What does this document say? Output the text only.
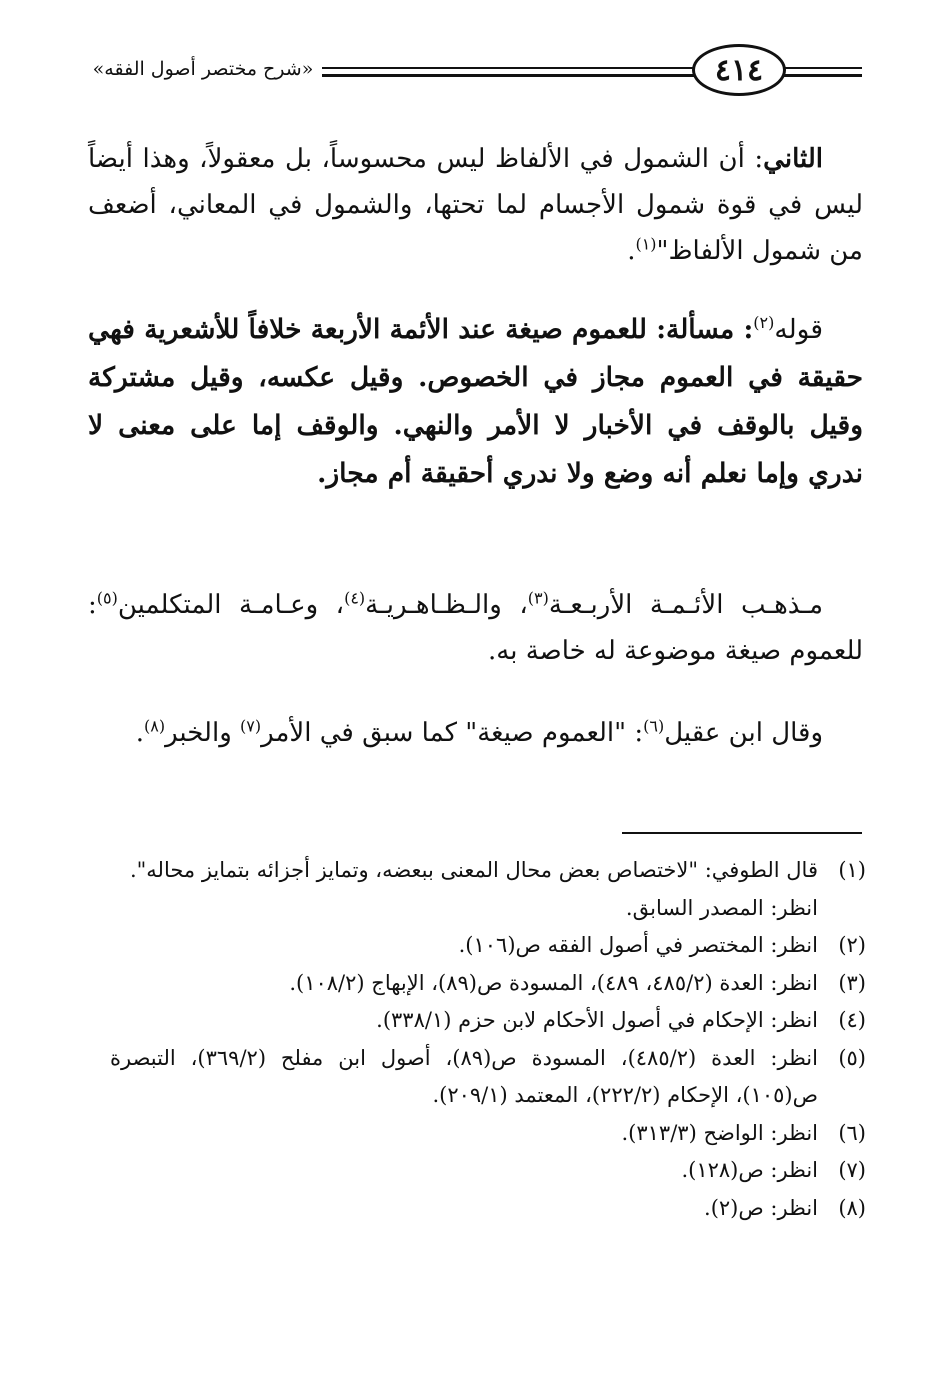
٤١٤
«شرح مختصر أصول الفقه»
الثاني: أن الشمول في الألفاظ ليس محسوساً، بل معقولاً، وهذا أيضاً ليس في قوة شمول الأجسام لما تحتها، والشمول في المعاني، أضعف من شمول الألفاظ"$^{(١)}$.
قوله$^{(٢)}$: مسألة: للعموم صيغة عند الأئمة الأربعة خلافاً للأشعرية فهي حقيقة في العموم مجاز في الخصوص. وقيل عكسه، وقيل مشتركة وقيل بالوقف في الأخبار لا الأمر والنهي. والوقف إما على معنى لا ندري وإما نعلم أنه وضع ولا ندري أحقيقة أم مجاز.
مـذهـب الأئـمـة الأربـعـة$^{(٣)}$، والـظـاهـريـة$^{(٤)}$، وعـامـة المتكلمين$^{(٥)}$: للعموم صيغة موضوعة له خاصة به.
وقال ابن عقيل$^{(٦)}$: "العموم صيغة" كما سبق في الأمر$^{(٧)}$ والخبر$^{(٨)}$.
(١)
قال الطوفي: "لاختصاص بعض محال المعنى ببعضه، وتمايز أجزائه بتمايز محاله".
انظر: المصدر السابق.
(٢)
انظر: المختصر في أصول الفقه ص(١٠٦).
(٣)
انظر: العدة (٤٨٥/٢، ٤٨٩)، المسودة ص(٨٩)، الإبهاج (١٠٨/٢).
(٤)
انظر: الإحكام في أصول الأحكام لابن حزم (٣٣٨/١).
(٥)
انظر: العدة (٤٨٥/٢)، المسودة ص(٨٩)، أصول ابن مفلح (٣٦٩/٢)، التبصرة ص(١٠٥)، الإحكام (٢٢٢/٢)، المعتمد (٢٠٩/١).
(٦)
انظر: الواضح (٣١٣/٣).
(٧)
انظر: ص(١٢٨).
(٨)
انظر: ص(٢).
